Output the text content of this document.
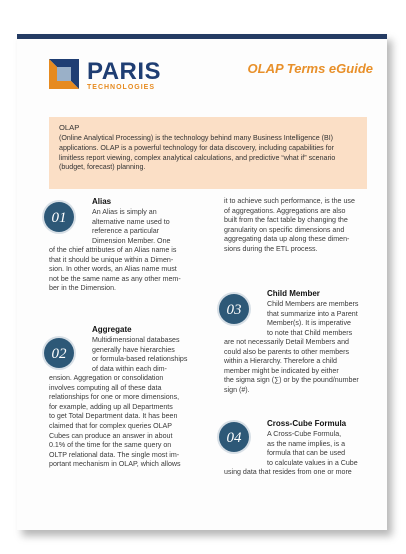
PARIS
TECHNOLOGIES
OLAP Terms eGuide
OLAP
(Online Analytical Processing) is the technology behind many Business Intelligence (BI) applications. OLAP is a powerful technology for data discovery, including capabilities for limitless report viewing, complex analytical calculations, and predictive “what if” scenario (budget, forecast) planning.
01
Alias
An Alias is simply an
alternative name used to
reference a particular
Dimension Member. One
of the chief attributes of an Alias name is
that it should be unique within a Dimen-
sion. In other words, an Alias name must
not be the same name as any other mem-
ber in the Dimension.
02
Aggregate
Multidimensional databases
generally have hierarchies
or formula-based relationships
of data within each dim-
ension. Aggregation or consolidation
involves computing all of these data
relationships for one or more dimensions,
for example, adding up all Departments
to get Total Department data. It has been
claimed that for complex queries OLAP
Cubes can produce an answer in about
0.1% of the time for the same query on
OLTP relational data. The single most im-
portant mechanism in OLAP, which allows
it to achieve such performance, is the use
of aggregations. Aggregations are also
built from the fact table by changing the
granularity on specific dimensions and
aggregating data up along these dimen-
sions during the ETL process.
03
Child Member
Child Members are members
that summarize into a Parent
Member(s). It is imperative
to note that Child members
are not necessarily Detail Members and
could also be parents to other members
within a Hierarchy. Therefore a child
member might be indicated by either
the sigma sign (∑) or by the pound/number
sign (#).
04
Cross-Cube Formula
A Cross-Cube Formula,
as the name implies, is a
formula that can be used
to calculate values in a Cube
using data that resides from one or more
